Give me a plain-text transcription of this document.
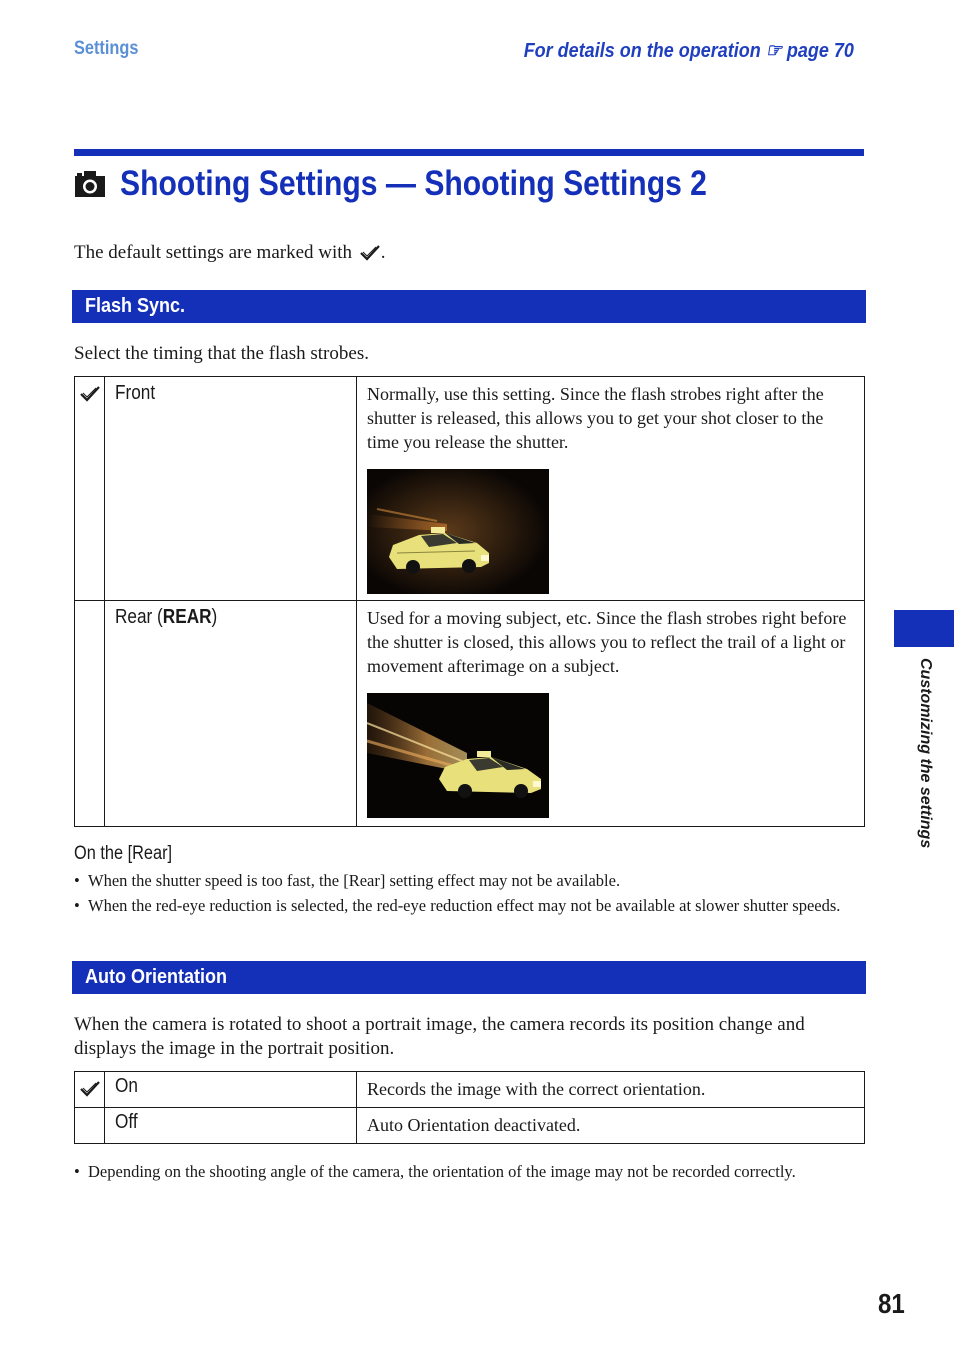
Settings	For details on the operation ☞ page 70
Shooting Settings — Shooting Settings 2
The default settings are marked with .
Flash Sync.
Select the timing that the flash strobes.
	Front	Normally, use this setting. Since the flash strobes right after the shutter is released, this allows you to get your shot closer to the time you release the shutter.

	Rear (REAR)	Used for a moving subject, etc. Since the flash strobes right before the shutter is closed, this allows you to reflect the trail of a light or movement afterimage on a subject.
On the [Rear]
• When the shutter speed is too fast, the [Rear] setting effect may not be available.
• When the red-eye reduction is selected, the red-eye reduction effect may not be available at slower shutter speeds.
Auto Orientation
When the camera is rotated to shoot a portrait image, the camera records its position change and displays the image in the portrait position.
	On	Records the image with the correct orientation.
	Off	Auto Orientation deactivated.
• Depending on the shooting angle of the camera, the orientation of the image may not be recorded correctly.
Customizing the settings
81
